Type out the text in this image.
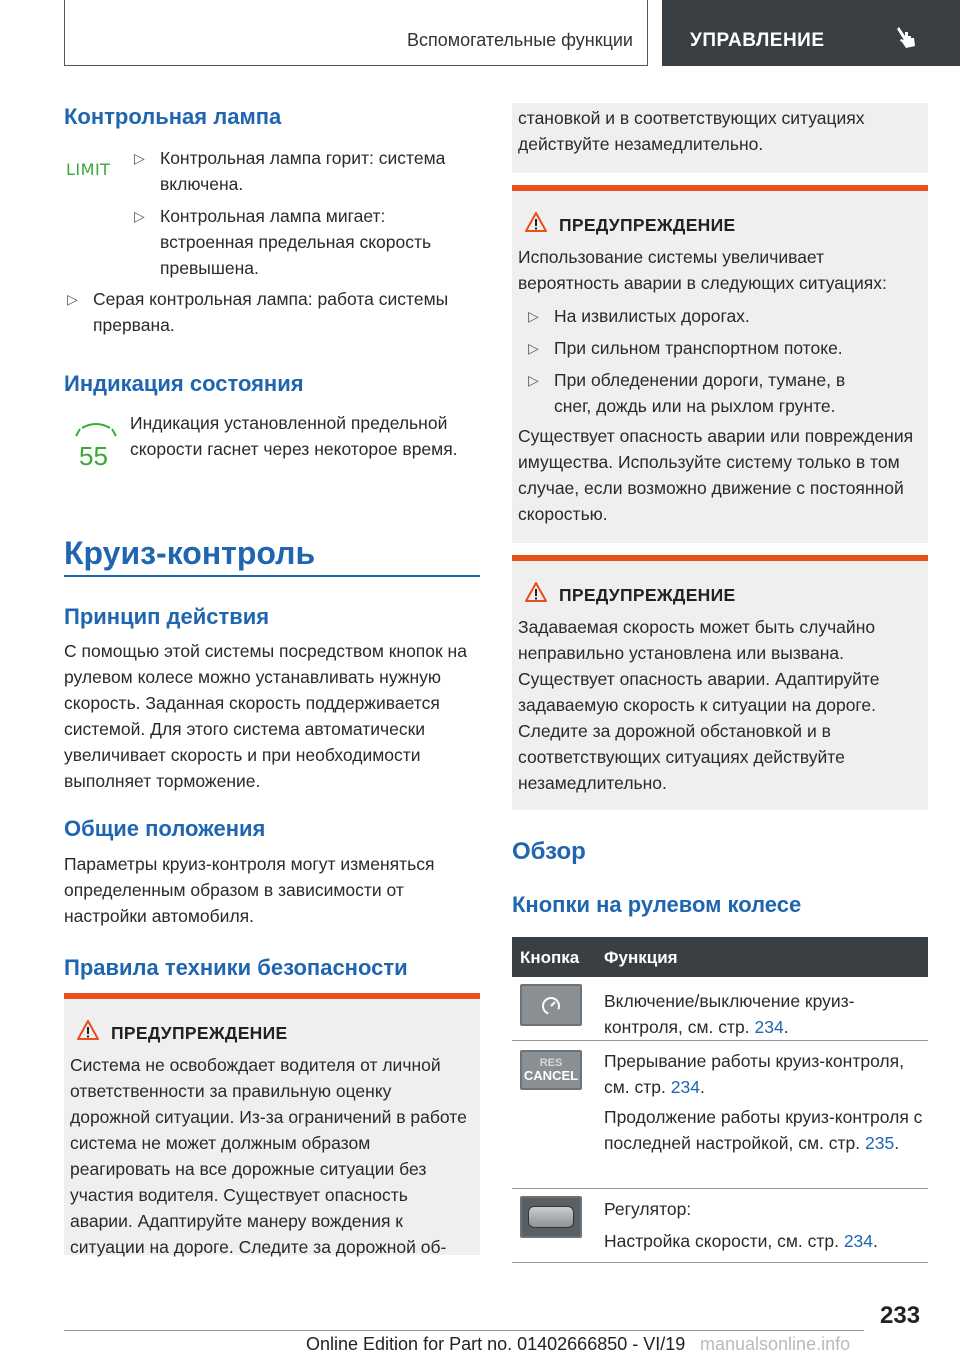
Вспомогательные функции	УПРАВЛЕНИЕ
Контрольная лампа
LIMIT
▷ Контрольная лампа горит: система включена.
▷ Контрольная лампа мигает: встроенная предельная скорость превышена.
▷ Серая контрольная лампа: работа системы прервана.
Индикация состояния
55
Индикация установленной предельной скорости гаснет через некоторое время.
Круиз-контроль
Принцип действия
С помощью этой системы посредством кнопок на рулевом колесе можно устанавливать нужную скорость. Заданная скорость поддерживается системой. Для этого система автоматически увеличивает скорость и при необходимости выполняет торможение.
Общие положения
Параметры круиз-контроля могут изменяться определенным образом в зависимости от настройки автомобиля.
Правила техники безопасности
ПРЕДУПРЕЖДЕНИЕ
Система не освобождает водителя от личной ответственности за правильную оценку дорожной ситуации. Из-за ограничений в работе система не может должным образом реагировать на все дорожные ситуации без участия водителя. Существует опасность аварии. Адаптируйте манеру вождения к ситуации на дороге. Следите за дорожной об-
становкой и в соответствующих ситуациях действуйте незамедлительно.
ПРЕДУПРЕЖДЕНИЕ
Использование системы увеличивает вероятность аварии в следующих ситуациях:
▷ На извилистых дорогах.
▷ При сильном транспортном потоке.
▷ При обледенении дороги, тумане, в снег, дождь или на рыхлом грунте.
Существует опасность аварии или повреждения имущества. Используйте систему только в том случае, если возможно движение с постоянной скоростью.
ПРЕДУПРЕЖДЕНИЕ
Задаваемая скорость может быть случайно неправильно установлена или вызвана. Существует опасность аварии. Адаптируйте задаваемую скорость к ситуации на дороге. Следите за дорожной обстановкой и в соответствующих ситуациях действуйте незамедлительно.
Обзор
Кнопки на рулевом колесе
Кнопка Функция
Включение/выключение круиз-контроля, см. стр. 234.
RES
CANCEL
Прерывание работы круиз-контроля, см. стр. 234.
Продолжение работы круиз-контроля с последней настройкой, см. стр. 235.
Регулятор:
Настройка скорости, см. стр. 234.
233
Online Edition for Part no. 01402666850 - VI/19 manualsonline.info
